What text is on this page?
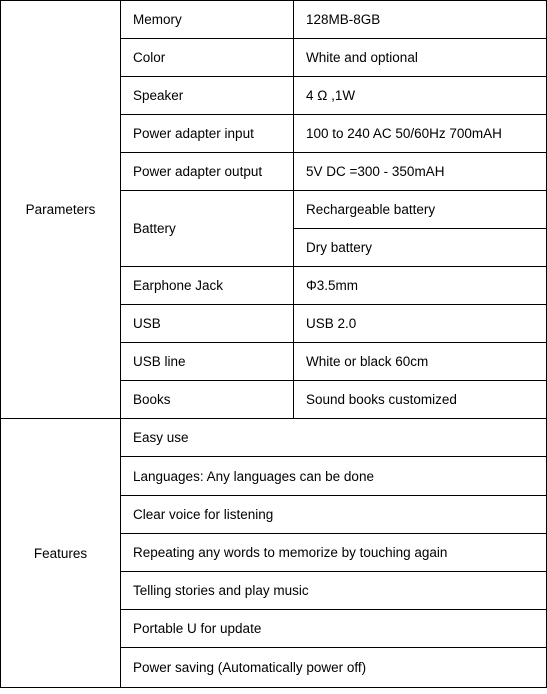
Parameters	Memory	128MB-8GB
	Color	White and optional
	Speaker	4 Ω ,1W
	Power adapter input	100 to 240 AC 50/60Hz 700mAH
	Power adapter output	5V DC =300 - 350mAH
	Battery	Rechargeable battery
		Dry battery
	Earphone Jack	Φ3.5mm
	USB	USB 2.0
	USB line	White or black 60cm
	Books	Sound books customized
Features	Easy use	
	Languages: Any languages can be done	
	Clear voice for listening	
	Repeating any words to memorize by touching again	
	Telling stories and play music	
	Portable U for update	
	Power saving (Automatically power off)	
